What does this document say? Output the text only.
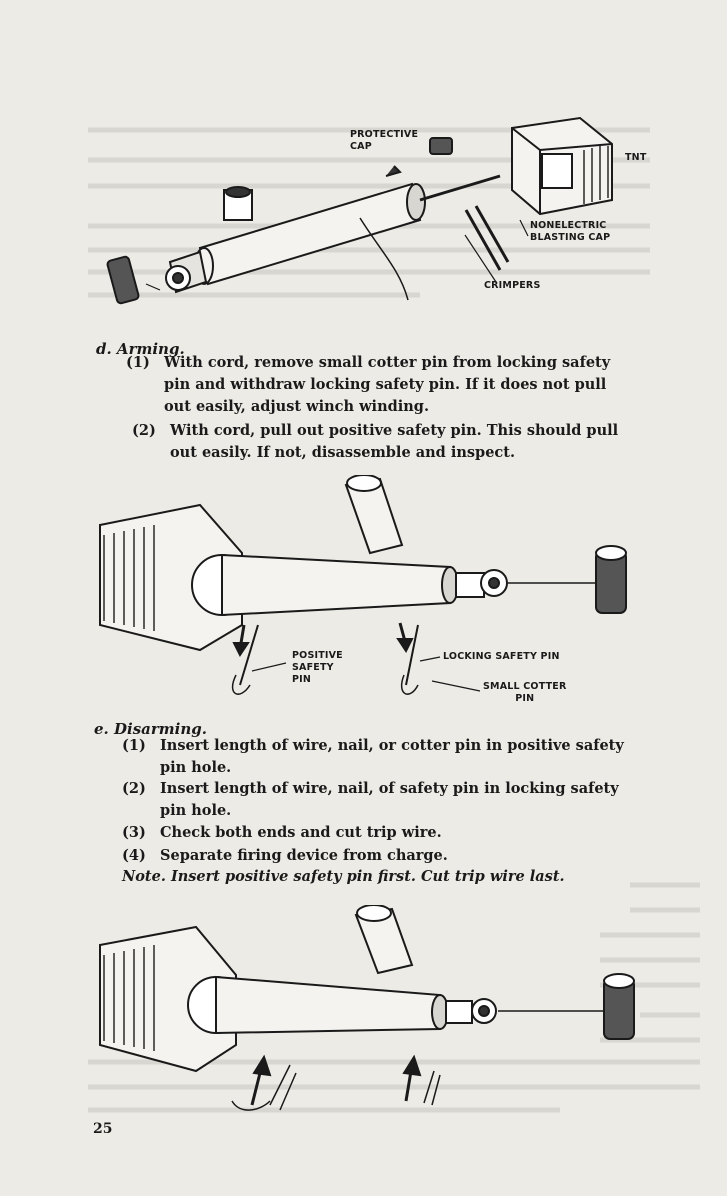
PROTECTIVE
CAP
TNT
NONELECTRIC
BLASTING CAP
CRIMPERS
d. Arming.
(1) With cord, remove small cotter pin from locking safety
pin and withdraw locking safety pin. If it does not pull
out easily, adjust winch winding.
(2) With cord, pull out positive safety pin. This should pull
out easily. If not, disassemble and inspect.
POSITIVE
SAFETY
PIN
LOCKING SAFETY PIN
SMALL COTTER
PIN
e. Disarming.
(1) Insert length of wire, nail, or cotter pin in positive safety
pin hole.
(2) Insert length of wire, nail, of safety pin in locking safety
pin hole.
(3) Check both ends and cut trip wire.
(4) Separate firing device from charge.
Note. Insert positive safety pin first. Cut trip wire last.
25
